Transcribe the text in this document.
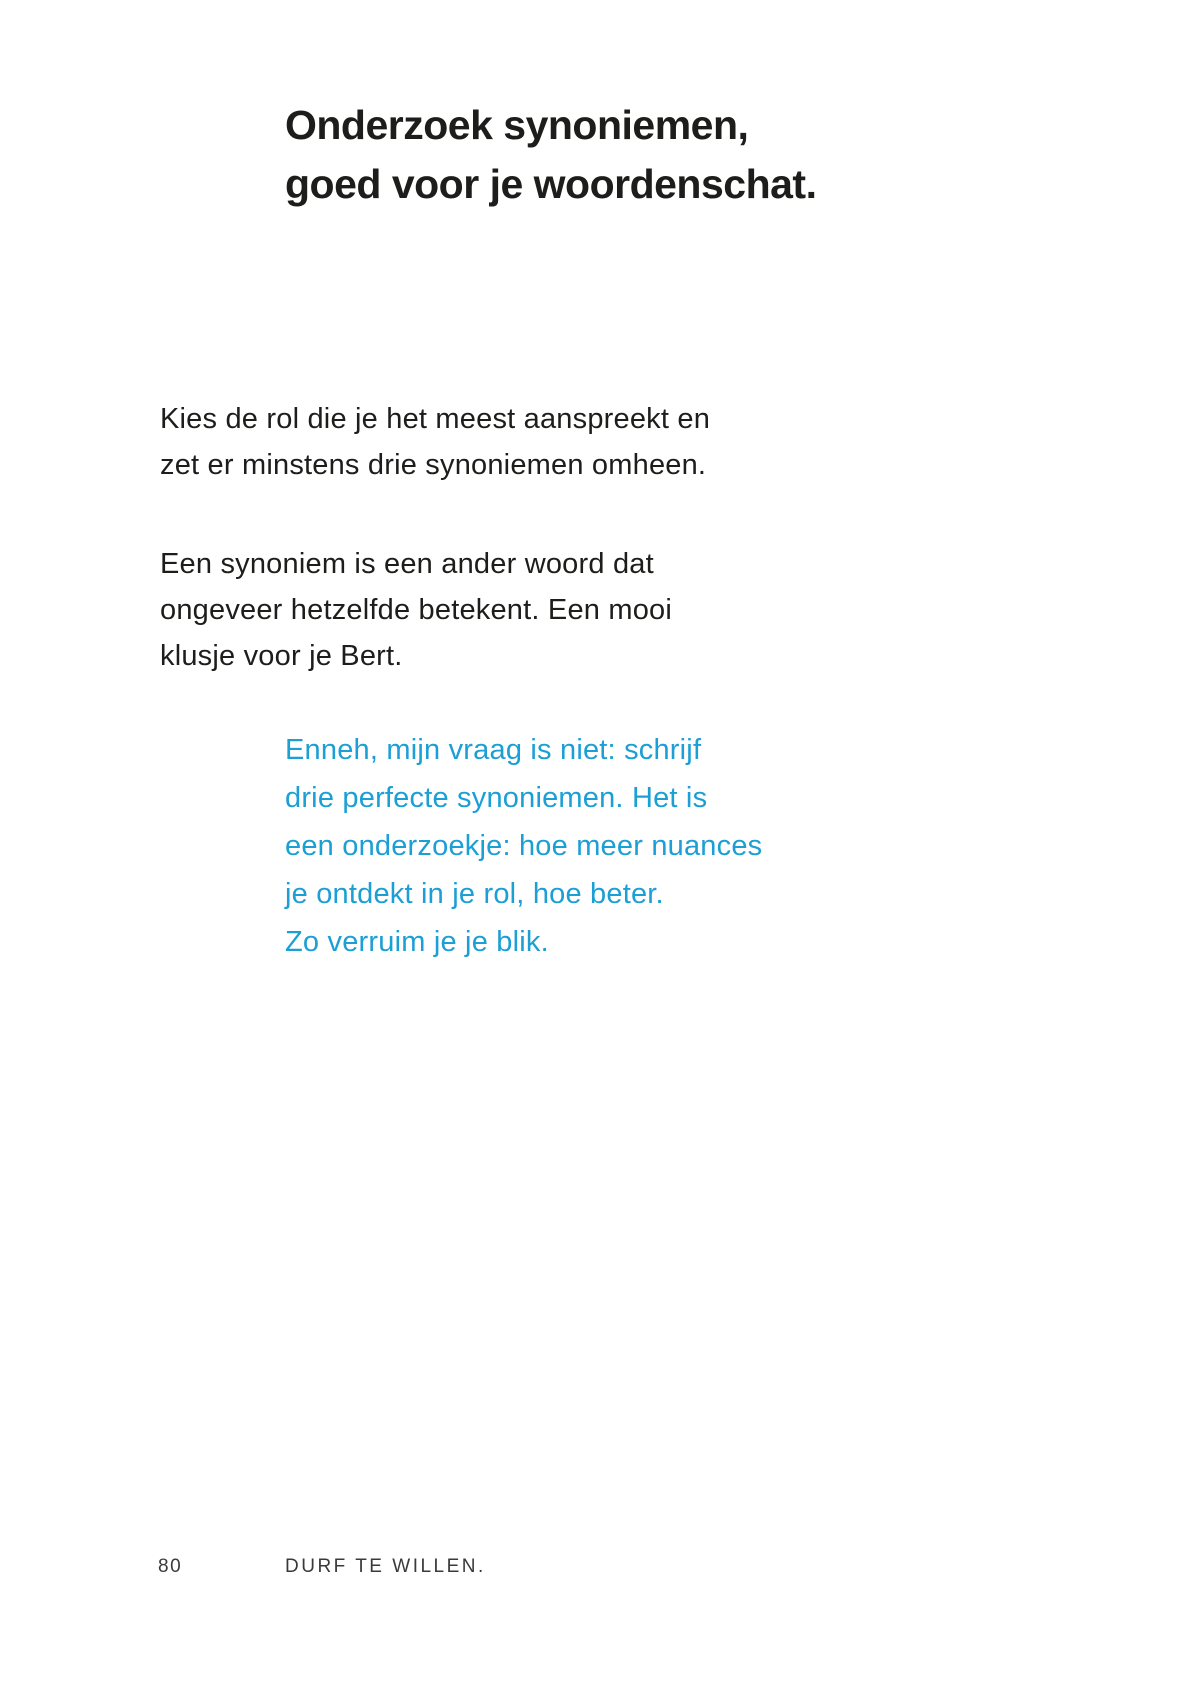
Onderzoek synoniemen,
goed voor je woordenschat.

Kies de rol die je het meest aanspreekt en
zet er minstens drie synoniemen omheen.

Een synoniem is een ander woord dat
ongeveer hetzelfde betekent. Een mooi
klusje voor je Bert.

Enneh, mijn vraag is niet: schrijf
drie perfecte synoniemen. Het is
een onderzoekje: hoe meer nuances
je ontdekt in je rol, hoe beter.
Zo verruim je je blik.

80	DURF TE WILLEN.
